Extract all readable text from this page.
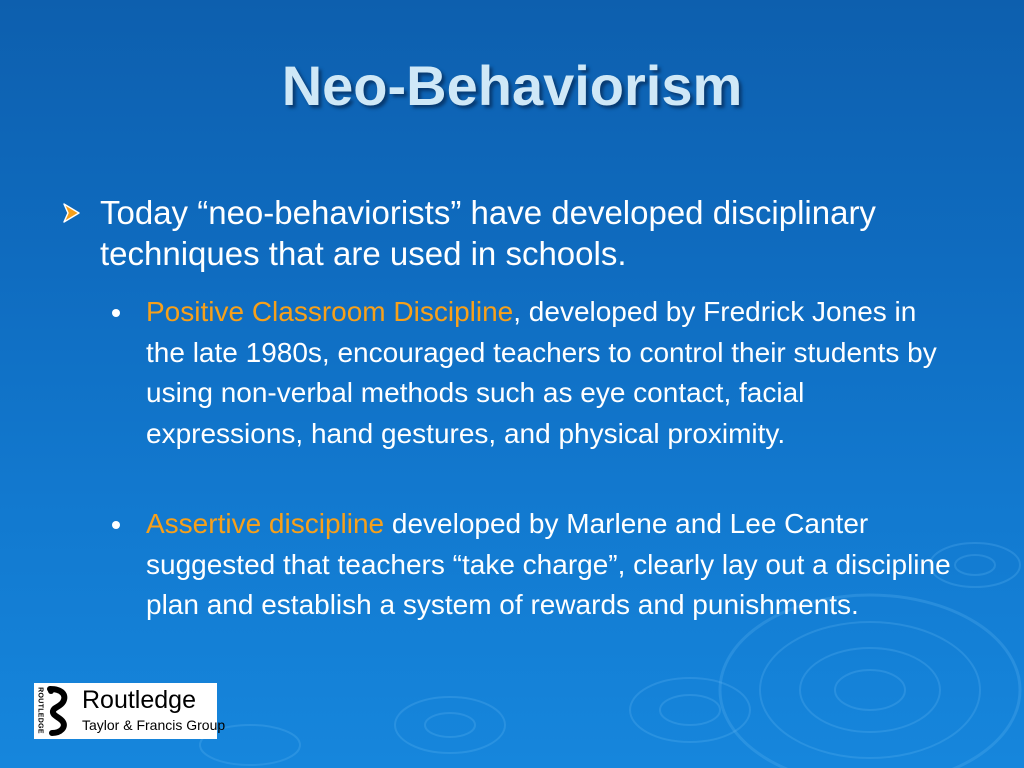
Neo-Behaviorism
Today “neo-behaviorists” have developed disciplinary techniques that are used in schools.
Positive Classroom Discipline, developed by Fredrick Jones in the late 1980s, encouraged teachers to control their students by using non-verbal methods such as eye contact, facial expressions, hand gestures, and physical proximity.
Assertive discipline developed by Marlene and Lee Canter suggested that teachers “take charge”, clearly lay out a discipline plan and establish a system of rewards and punishments.
ROUTLEDGE Routledge
Taylor & Francis Group
